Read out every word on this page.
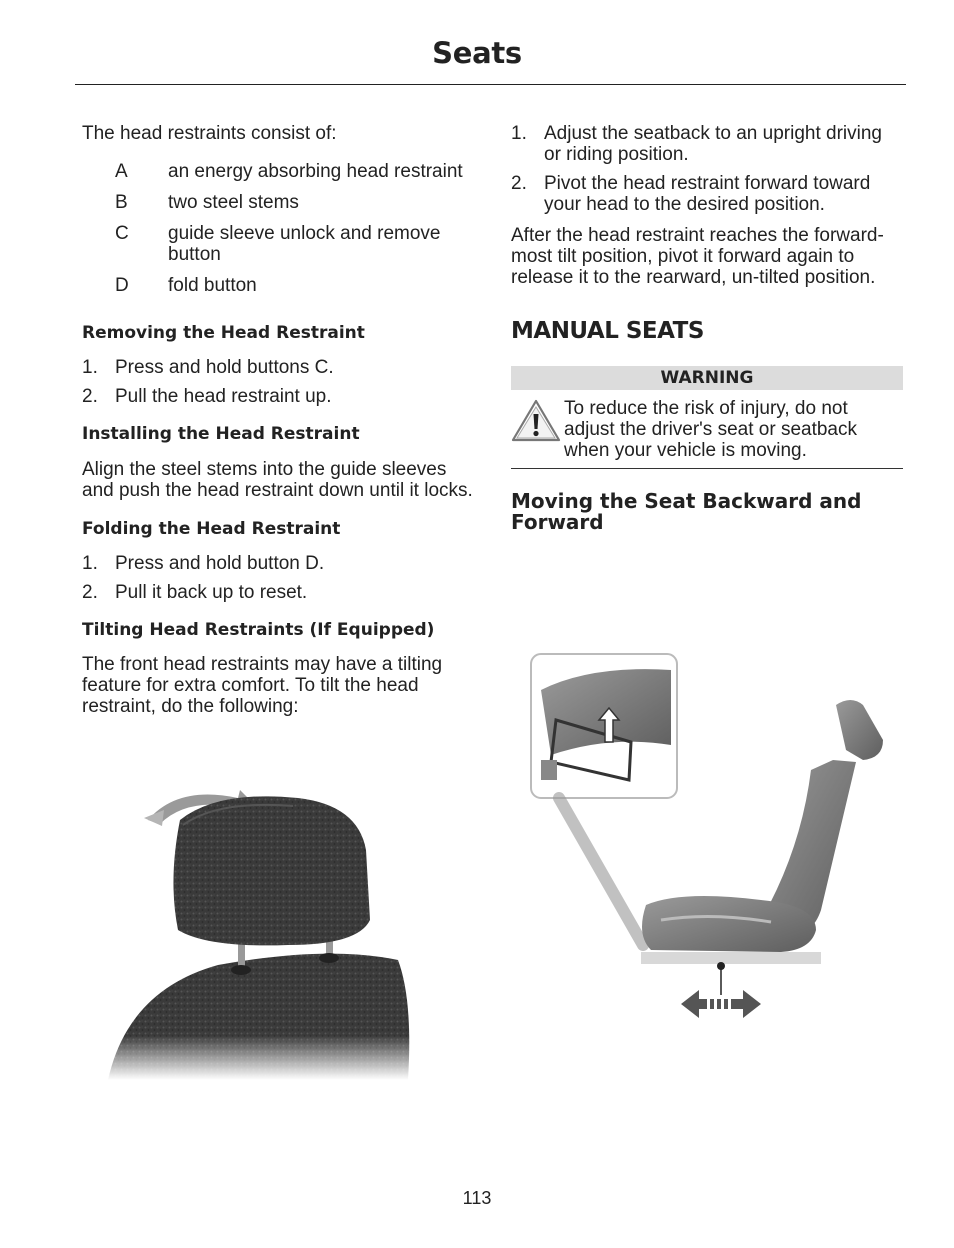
Seats

The head restraints consist of:

A	an energy absorbing head restraint
B	two steel stems
C	guide sleeve unlock and remove button
D	fold button
Removing the Head Restraint
1. Press and hold buttons C.
2. Pull the head restraint up.
Installing the Head Restraint

Align the steel stems into the guide sleeves and push the head restraint down until it locks.

Folding the Head Restraint
1. Press and hold button D.
2. Pull it back up to reset.
Tilting Head Restraints (If Equipped)

The front head restraints may have a tilting feature for extra comfort. To tilt the head restraint, do the following:

1. Adjust the seatback to an upright driving or riding position.
2. Pivot the head restraint forward toward your head to the desired position.

After the head restraint reaches the forward-most tilt position, pivot it forward again to release it to the rearward, un-tilted position.

MANUAL SEATS
WARNING

To reduce the risk of injury, do not adjust the driver's seat or seatback when your vehicle is moving.

Moving the Seat Backward and Forward
113
